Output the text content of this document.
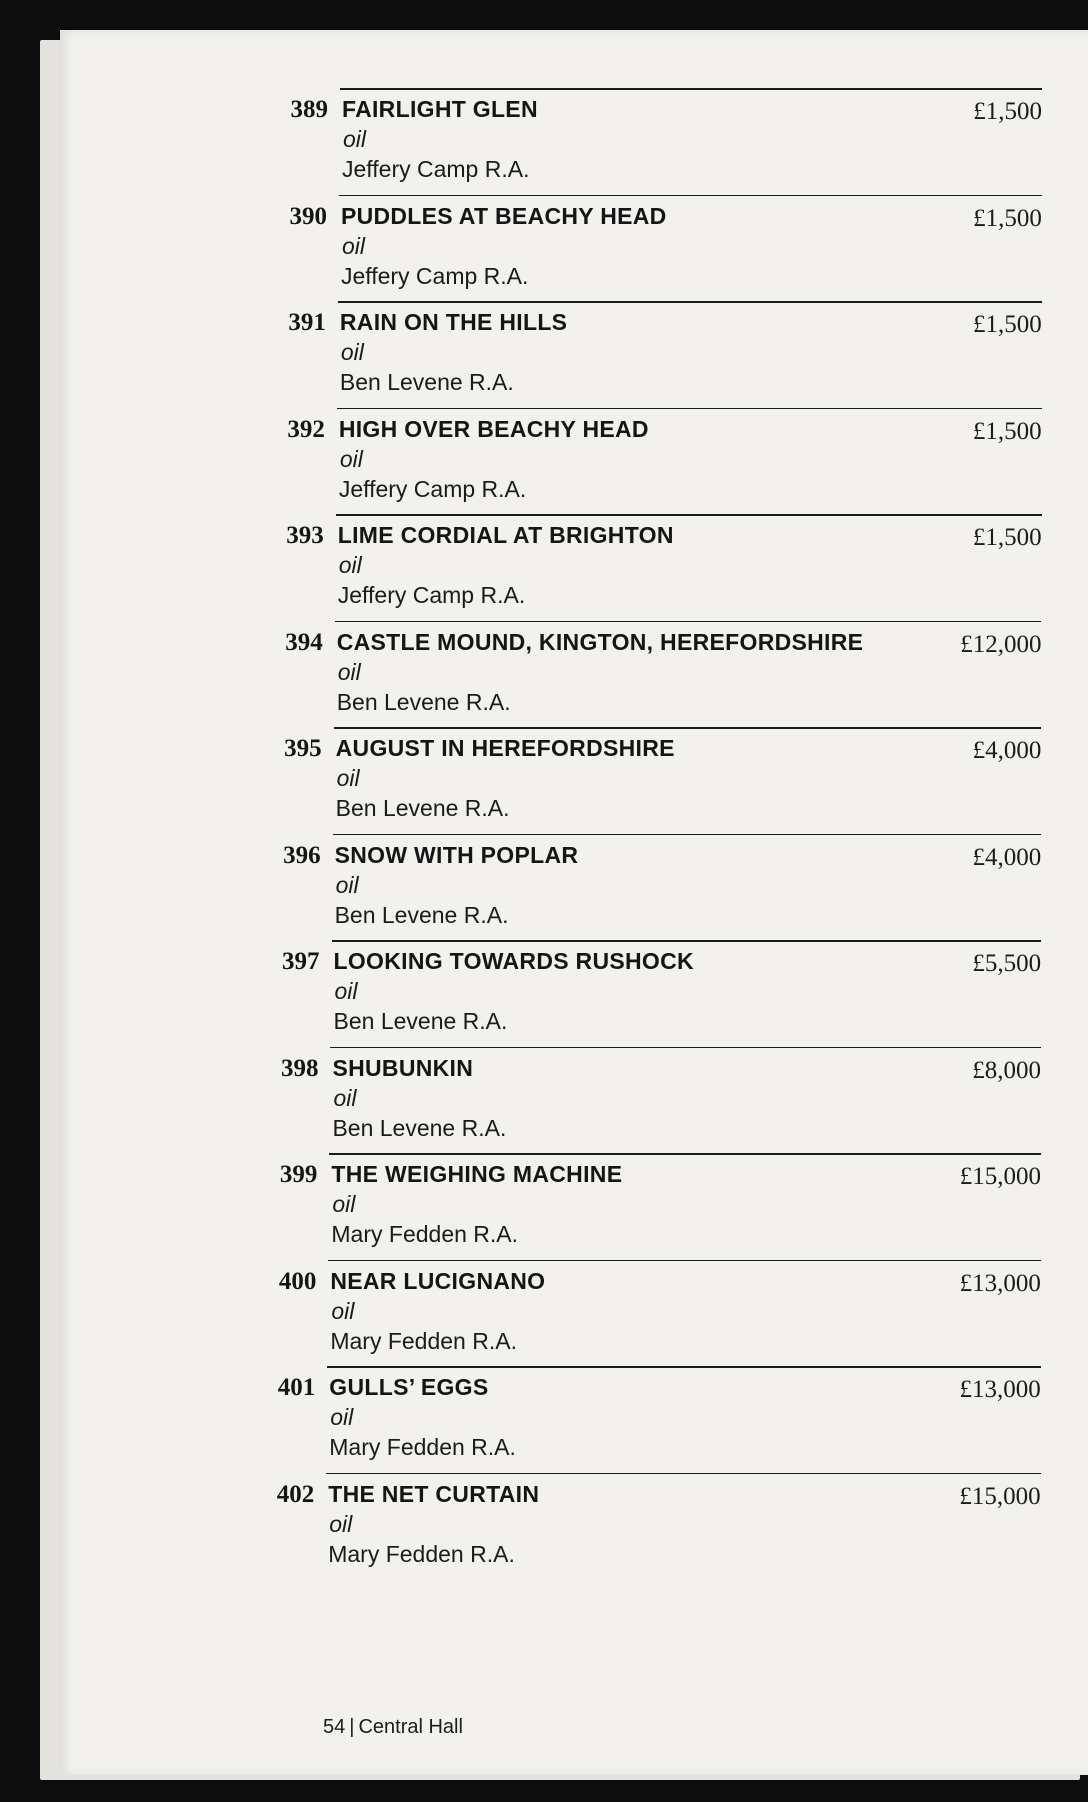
389 FAIRLIGHT GLEN
oil
Jeffery Camp R.A.
£1,500
390 PUDDLES AT BEACHY HEAD
oil
Jeffery Camp R.A.
£1,500
391 RAIN ON THE HILLS
oil
Ben Levene R.A.
£1,500
392 HIGH OVER BEACHY HEAD
oil
Jeffery Camp R.A.
£1,500
393 LIME CORDIAL AT BRIGHTON
oil
Jeffery Camp R.A.
£1,500
394 CASTLE MOUND, KINGTON, HEREFORDSHIRE
oil
Ben Levene R.A.
£12,000
395 AUGUST IN HEREFORDSHIRE
oil
Ben Levene R.A.
£4,000
396 SNOW WITH POPLAR
oil
Ben Levene R.A.
£4,000
397 LOOKING TOWARDS RUSHOCK
oil
Ben Levene R.A.
£5,500
398 SHUBUNKIN
oil
Ben Levene R.A.
£8,000
399 THE WEIGHING MACHINE
oil
Mary Fedden R.A.
£15,000
400 NEAR LUCIGNANO
oil
Mary Fedden R.A.
£13,000
401 GULLS’ EGGS
oil
Mary Fedden R.A.
£13,000
402 THE NET CURTAIN
oil
Mary Fedden R.A.
£15,000
54 | Central Hall
